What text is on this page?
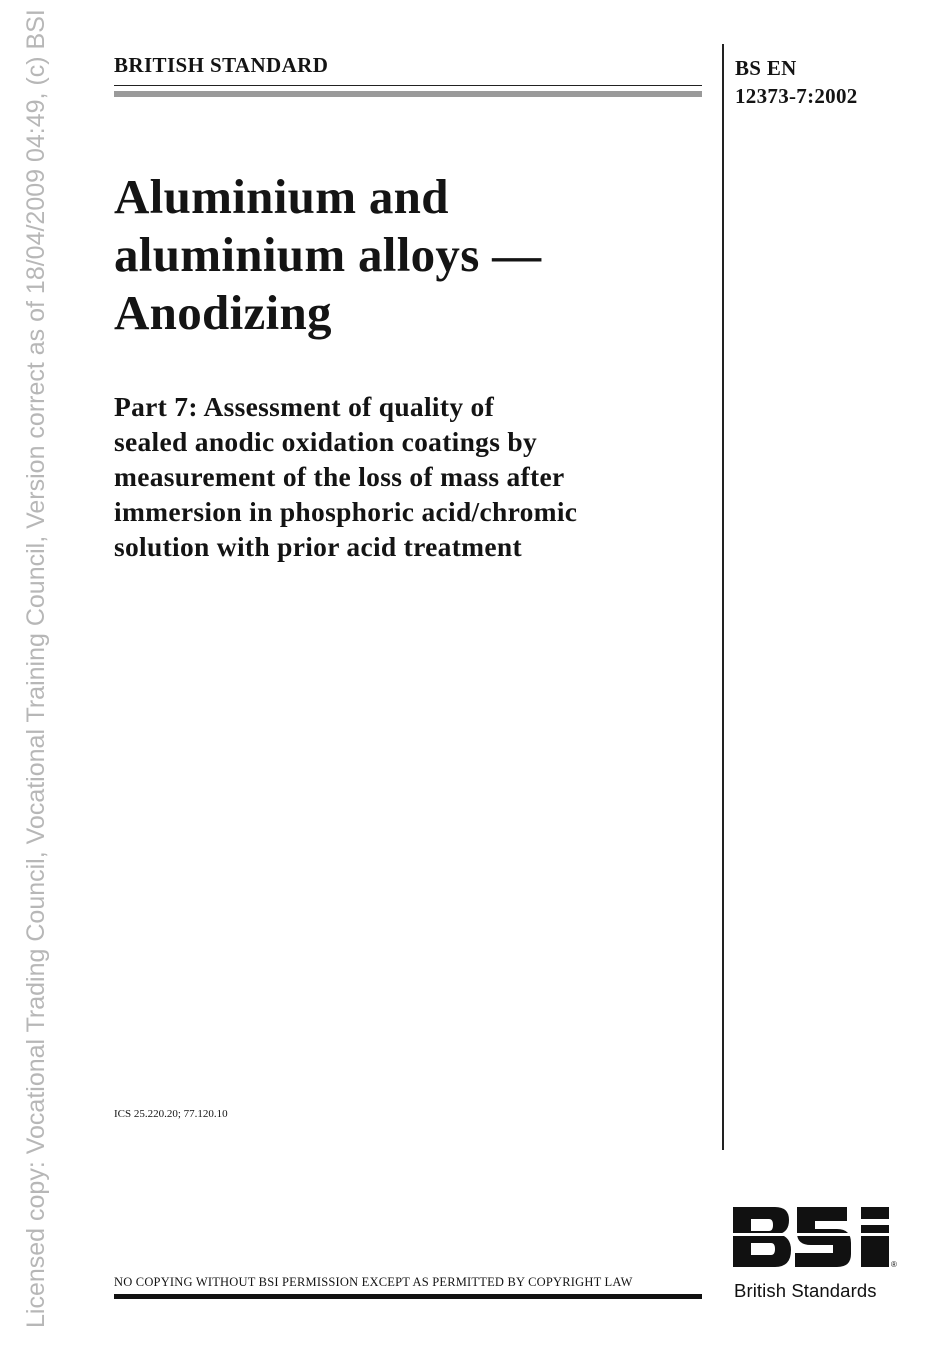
Licensed copy: Vocational Trading Council, Vocational Training Council, Version correct as of 18/04/2009 04:49, (c) BSI	BRITISH STANDARD	BS EN
12373-7:2002
Aluminium and
aluminium alloys —
Anodizing
Part 7: Assessment of quality of
sealed anodic oxidation coatings by
measurement of the loss of mass after
immersion in phosphoric acid/chromic
solution with prior acid treatment
ICS 25.220.20; 77.120.10
NO COPYING WITHOUT BSI PERMISSION EXCEPT AS PERMITTED BY COPYRIGHT LAW
®
British Standards
